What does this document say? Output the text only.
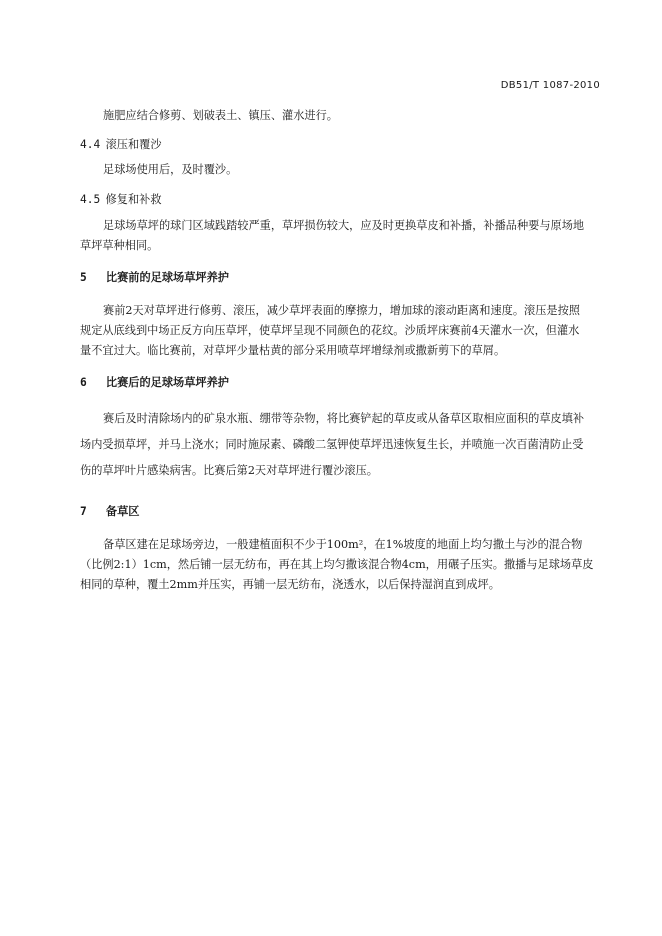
DB51/T 1087-2010
施肥应结合修剪、划破表土、镇压、灌水进行。
4.4 滚压和覆沙
足球场使用后，及时覆沙。
4.5 修复和补救
足球场草坪的球门区域践踏较严重，草坪损伤较大，应及时更换草皮和补播，补播品种要与原场地
草坪草种相同。
5 比赛前的足球场草坪养护
赛前2天对草坪进行修剪、滚压，减少草坪表面的摩擦力，增加球的滚动距离和速度。滚压是按照
规定从底线到中场正反方向压草坪，使草坪呈现不同颜色的花纹。沙质坪床赛前4天灌水一次，但灌水
量不宜过大。临比赛前，对草坪少量枯黄的部分采用喷草坪增绿剂或撒新剪下的草屑。
6 比赛后的足球场草坪养护
赛后及时清除场内的矿泉水瓶、绷带等杂物，将比赛铲起的草皮或从备草区取相应面积的草皮填补
场内受损草坪，并马上浇水；同时施尿素、磷酸二氢钾使草坪迅速恢复生长，并喷施一次百菌清防止受
伤的草坪叶片感染病害。比赛后第2天对草坪进行覆沙滚压。
7 备草区
备草区建在足球场旁边，一般建植面积不少于100m²，在1%坡度的地面上均匀撒土与沙的混合物
（比例2:1）1cm，然后铺一层无纺布，再在其上均匀撒该混合物4cm，用碾子压实。撒播与足球场草皮
相同的草种，覆土2mm并压实，再铺一层无纺布，浇透水，以后保持湿润直到成坪。
